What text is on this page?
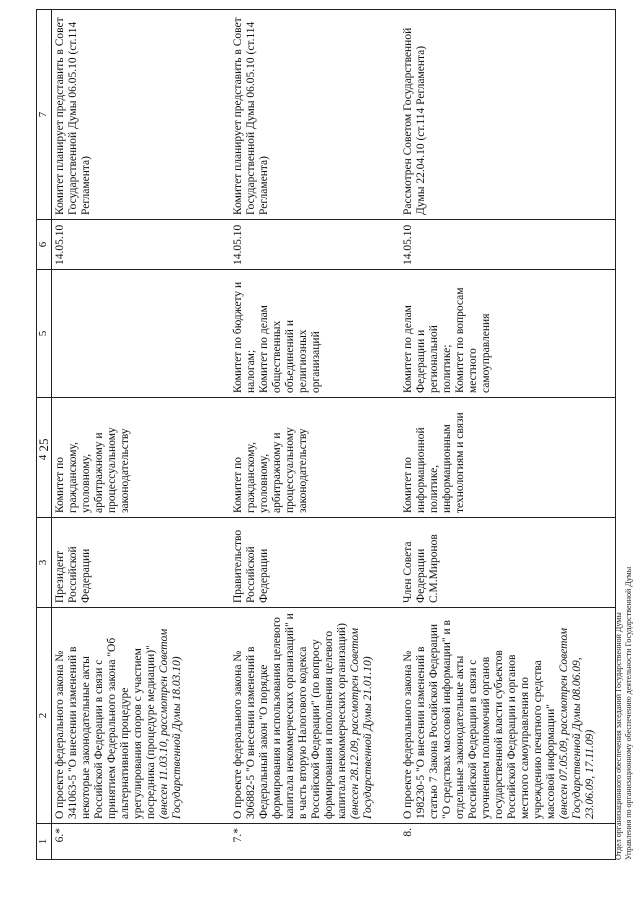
25
1	2	3	4	5	6	7
6.*	О проекте федерального закона № 341063-5 "О внесении изменений в некоторые законодательные акты Российской Федерации в связи с принятием Федерального закона "Об альтернативной процедуре урегулирования споров с участием посредника (процедуре медиации)" (внесен 11.03.10, рассмотрен Советом Государственной Думы 18.03.10)	Президент Российской Федерации	Комитет по гражданскому, уголовному, арбитражному и процессуальному законодательству		14.05.10	Комитет планирует представить в Совет Государственной Думы 06.05.10 (ст.114 Регламента)
7.*	О проекте федерального закона № 306882-5 "О внесении изменений в Федеральный закон "О порядке формирования и использования целевого капитала некоммерческих организаций" и в часть вторую Налогового кодекса Российской Федерации" (по вопросу формирования и пополнения целевого капитала некоммерческих организаций) (внесен 28.12.09, рассмотрен Советом Государственной Думы 21.01.10)	Правительство Российской Федерации	Комитет по гражданскому, уголовному, арбитражному и процессуальному законодательству	Комитет по бюджету и налогам;
Комитет по делам общественных объединений и религиозных организаций	14.05.10	Комитет планирует представить в Совет Государственной Думы 06.05.10 (ст.114 Регламента)
8.	О проекте федерального закона № 198230-5 "О внесении изменений в статью 7 Закона Российской Федерации "О средствах массовой информации" и в отдельные законодательные акты Российской Федерации в связи с уточнением полномочий органов государственной власти субъектов Российской Федерации и органов местного самоуправления по учреждению печатного средства массовой информации" (внесен 07.05.09, рассмотрен Советом Государственной Думы 08.06.09, 23.06.09, 17.11.09)	Член Совета Федерации С.М.Миронов	Комитет по информационной политике, информационным технологиям и связи	Комитет по делам Федерации и региональной политике;
Комитет по вопросам местного самоуправления	14.05.10	Рассмотрен Советом Государственной Думы 22.04.10 (ст.114 Регламента)
Отдел организационного обеспечения заседаний Государственной Думы Управления по организационному обеспечению деятельности Государственной Думы
